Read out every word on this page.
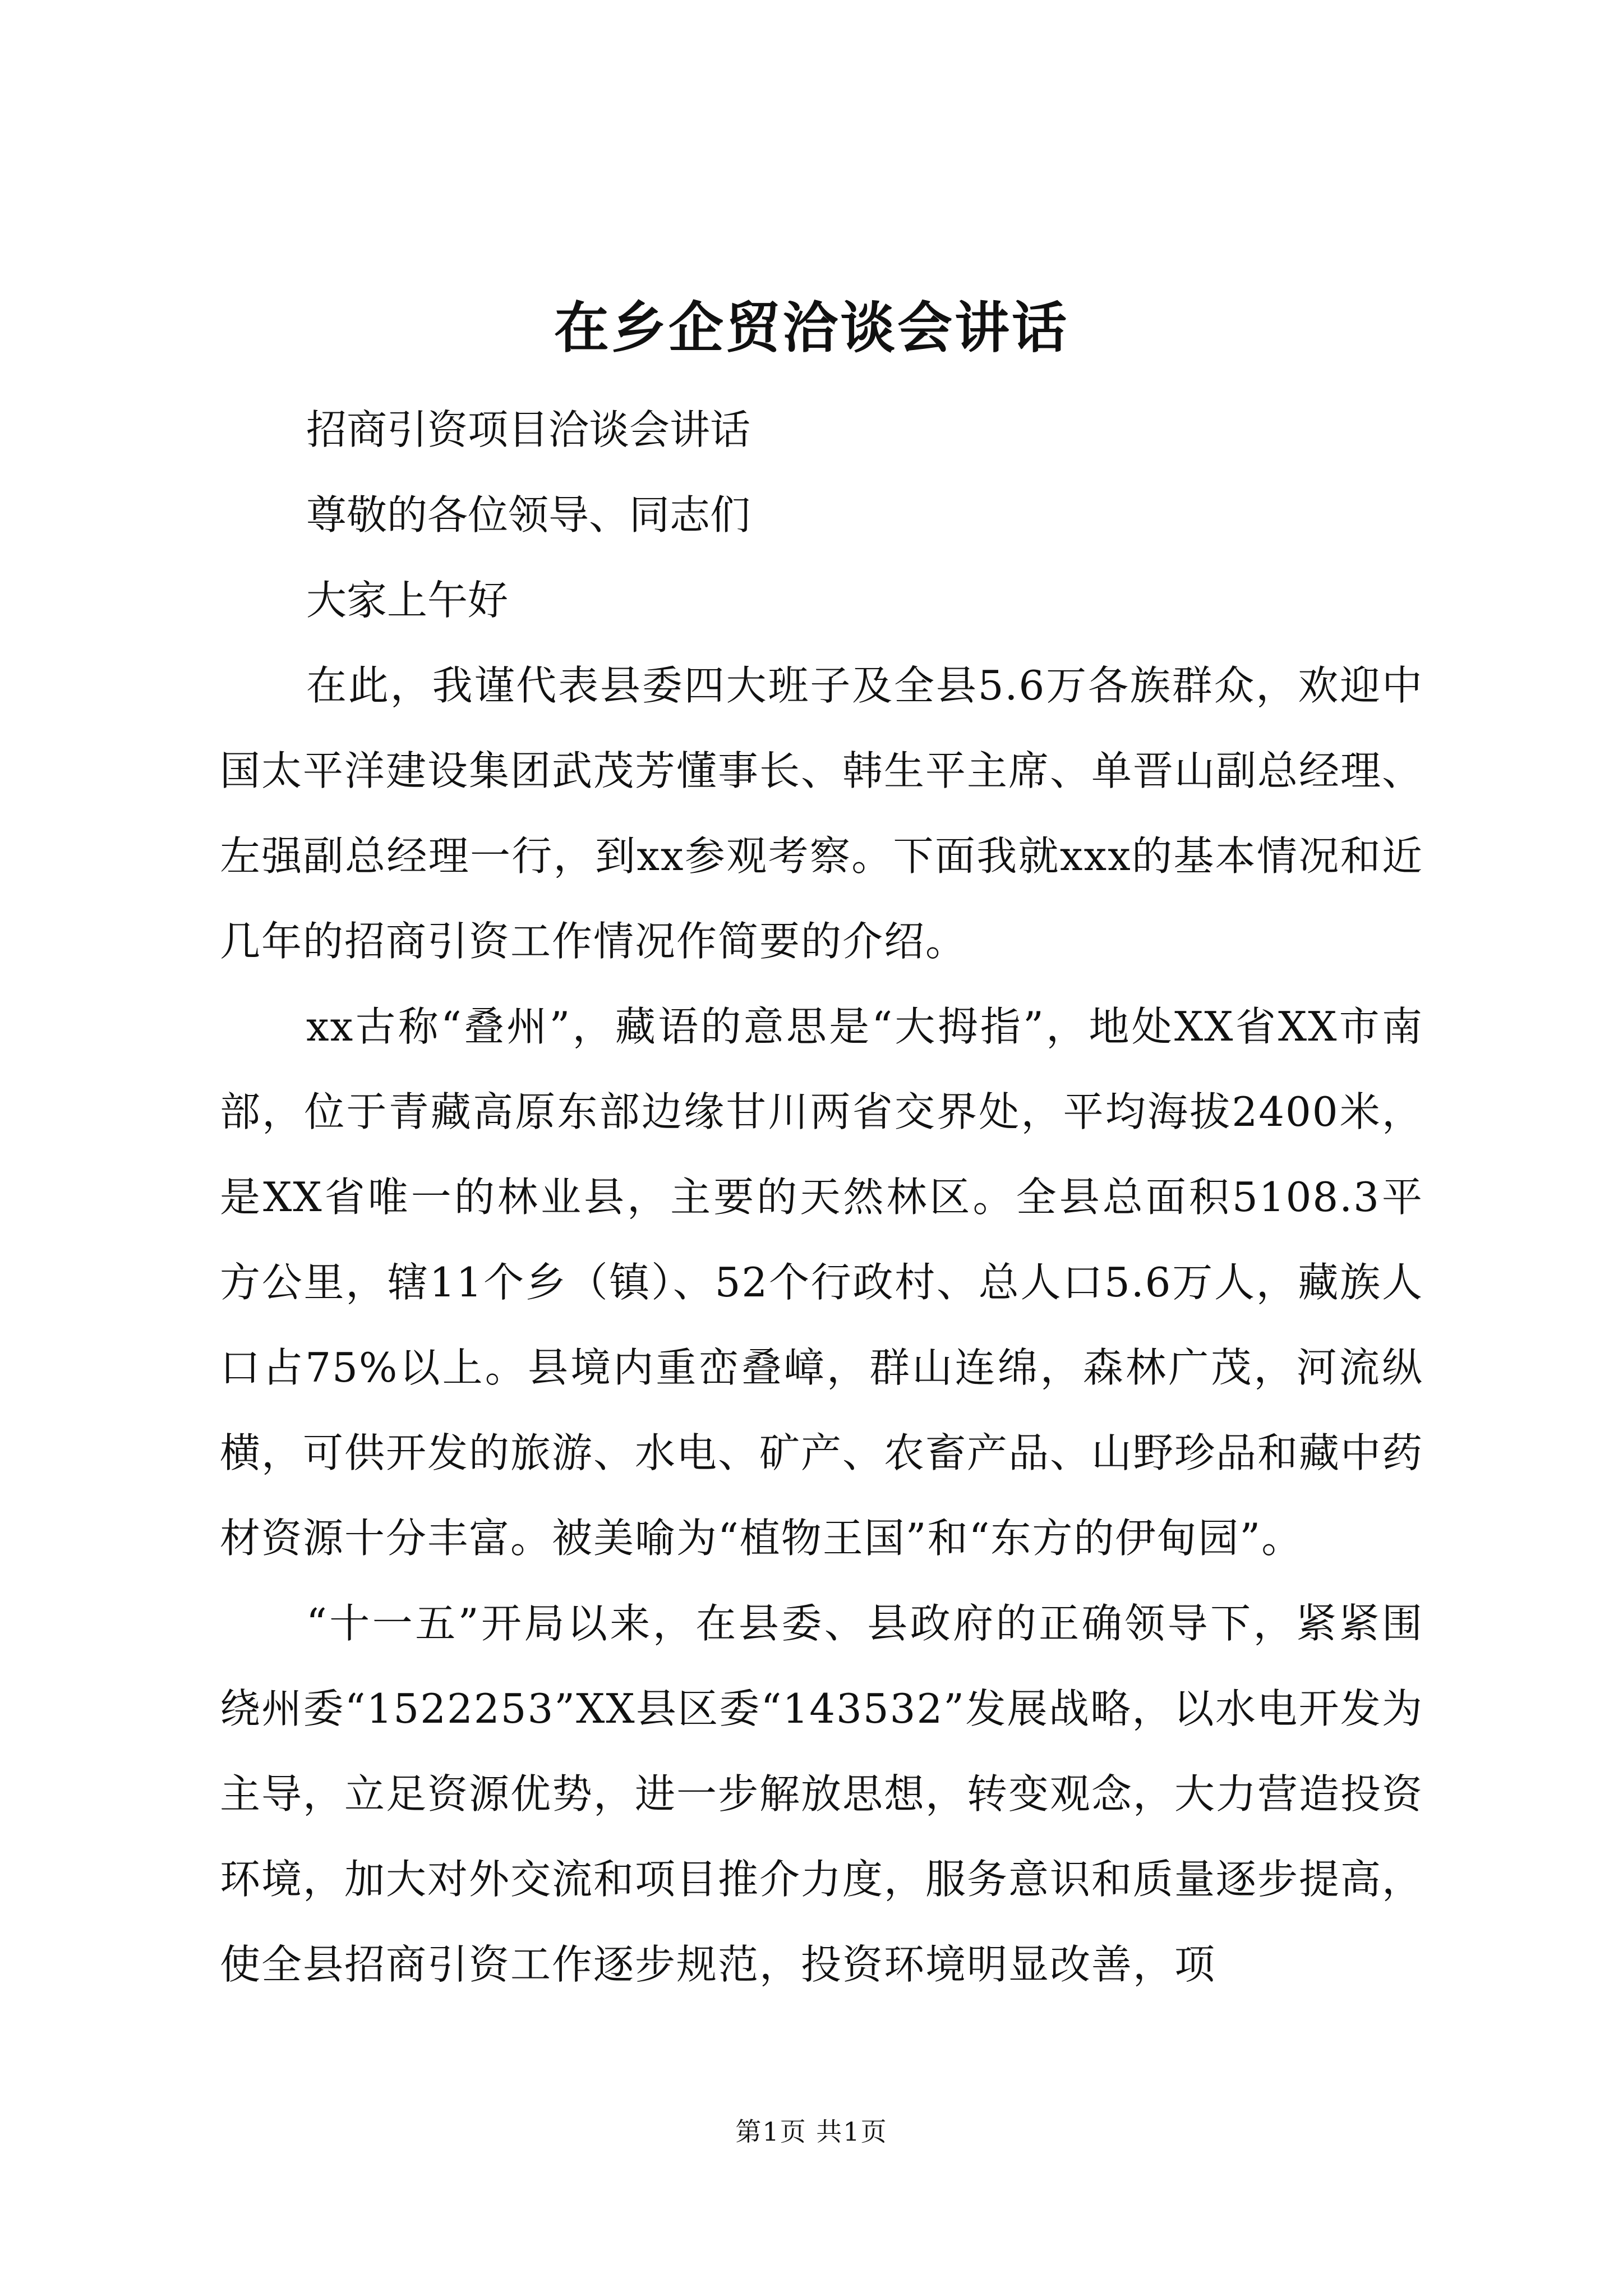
在乡企贸洽谈会讲话

招商引资项目洽谈会讲话

尊敬的各位领导、同志们

大家上午好

在此，我谨代表县委四大班子及全县5.6万各族群众，欢迎中国太平洋建设集团武茂芳懂事长、韩生平主席、单晋山副总经理、左强副总经理一行，到xx参观考察。下面我就xxx的基本情况和近几年的招商引资工作情况作简要的介绍。

xx古称“叠州”，藏语的意思是“大拇指”，地处XX省XX市南部，位于青藏高原东部边缘甘川两省交界处，平均海拔2400米，是XX省唯一的林业县，主要的天然林区。全县总面积5108.3平方公里，辖11个乡（镇）、52个行政村、总人口5.6万人，藏族人口占75%以上。县境内重峦叠嶂，群山连绵，森林广茂，河流纵横，可供开发的旅游、水电、矿产、农畜产品、山野珍品和藏中药材资源十分丰富。被美喻为“植物王国”和“东方的伊甸园”。

“十一五”开局以来，在县委、县政府的正确领导下，紧紧围绕州委“1522253”XX县区委“143532”发展战略，以水电开发为主导，立足资源优势，进一步解放思想，转变观念，大力营造投资环境，加大对外交流和项目推介力度，服务意识和质量逐步提高，使全县招商引资工作逐步规范，投资环境明显改善，项

第1页 共1页
